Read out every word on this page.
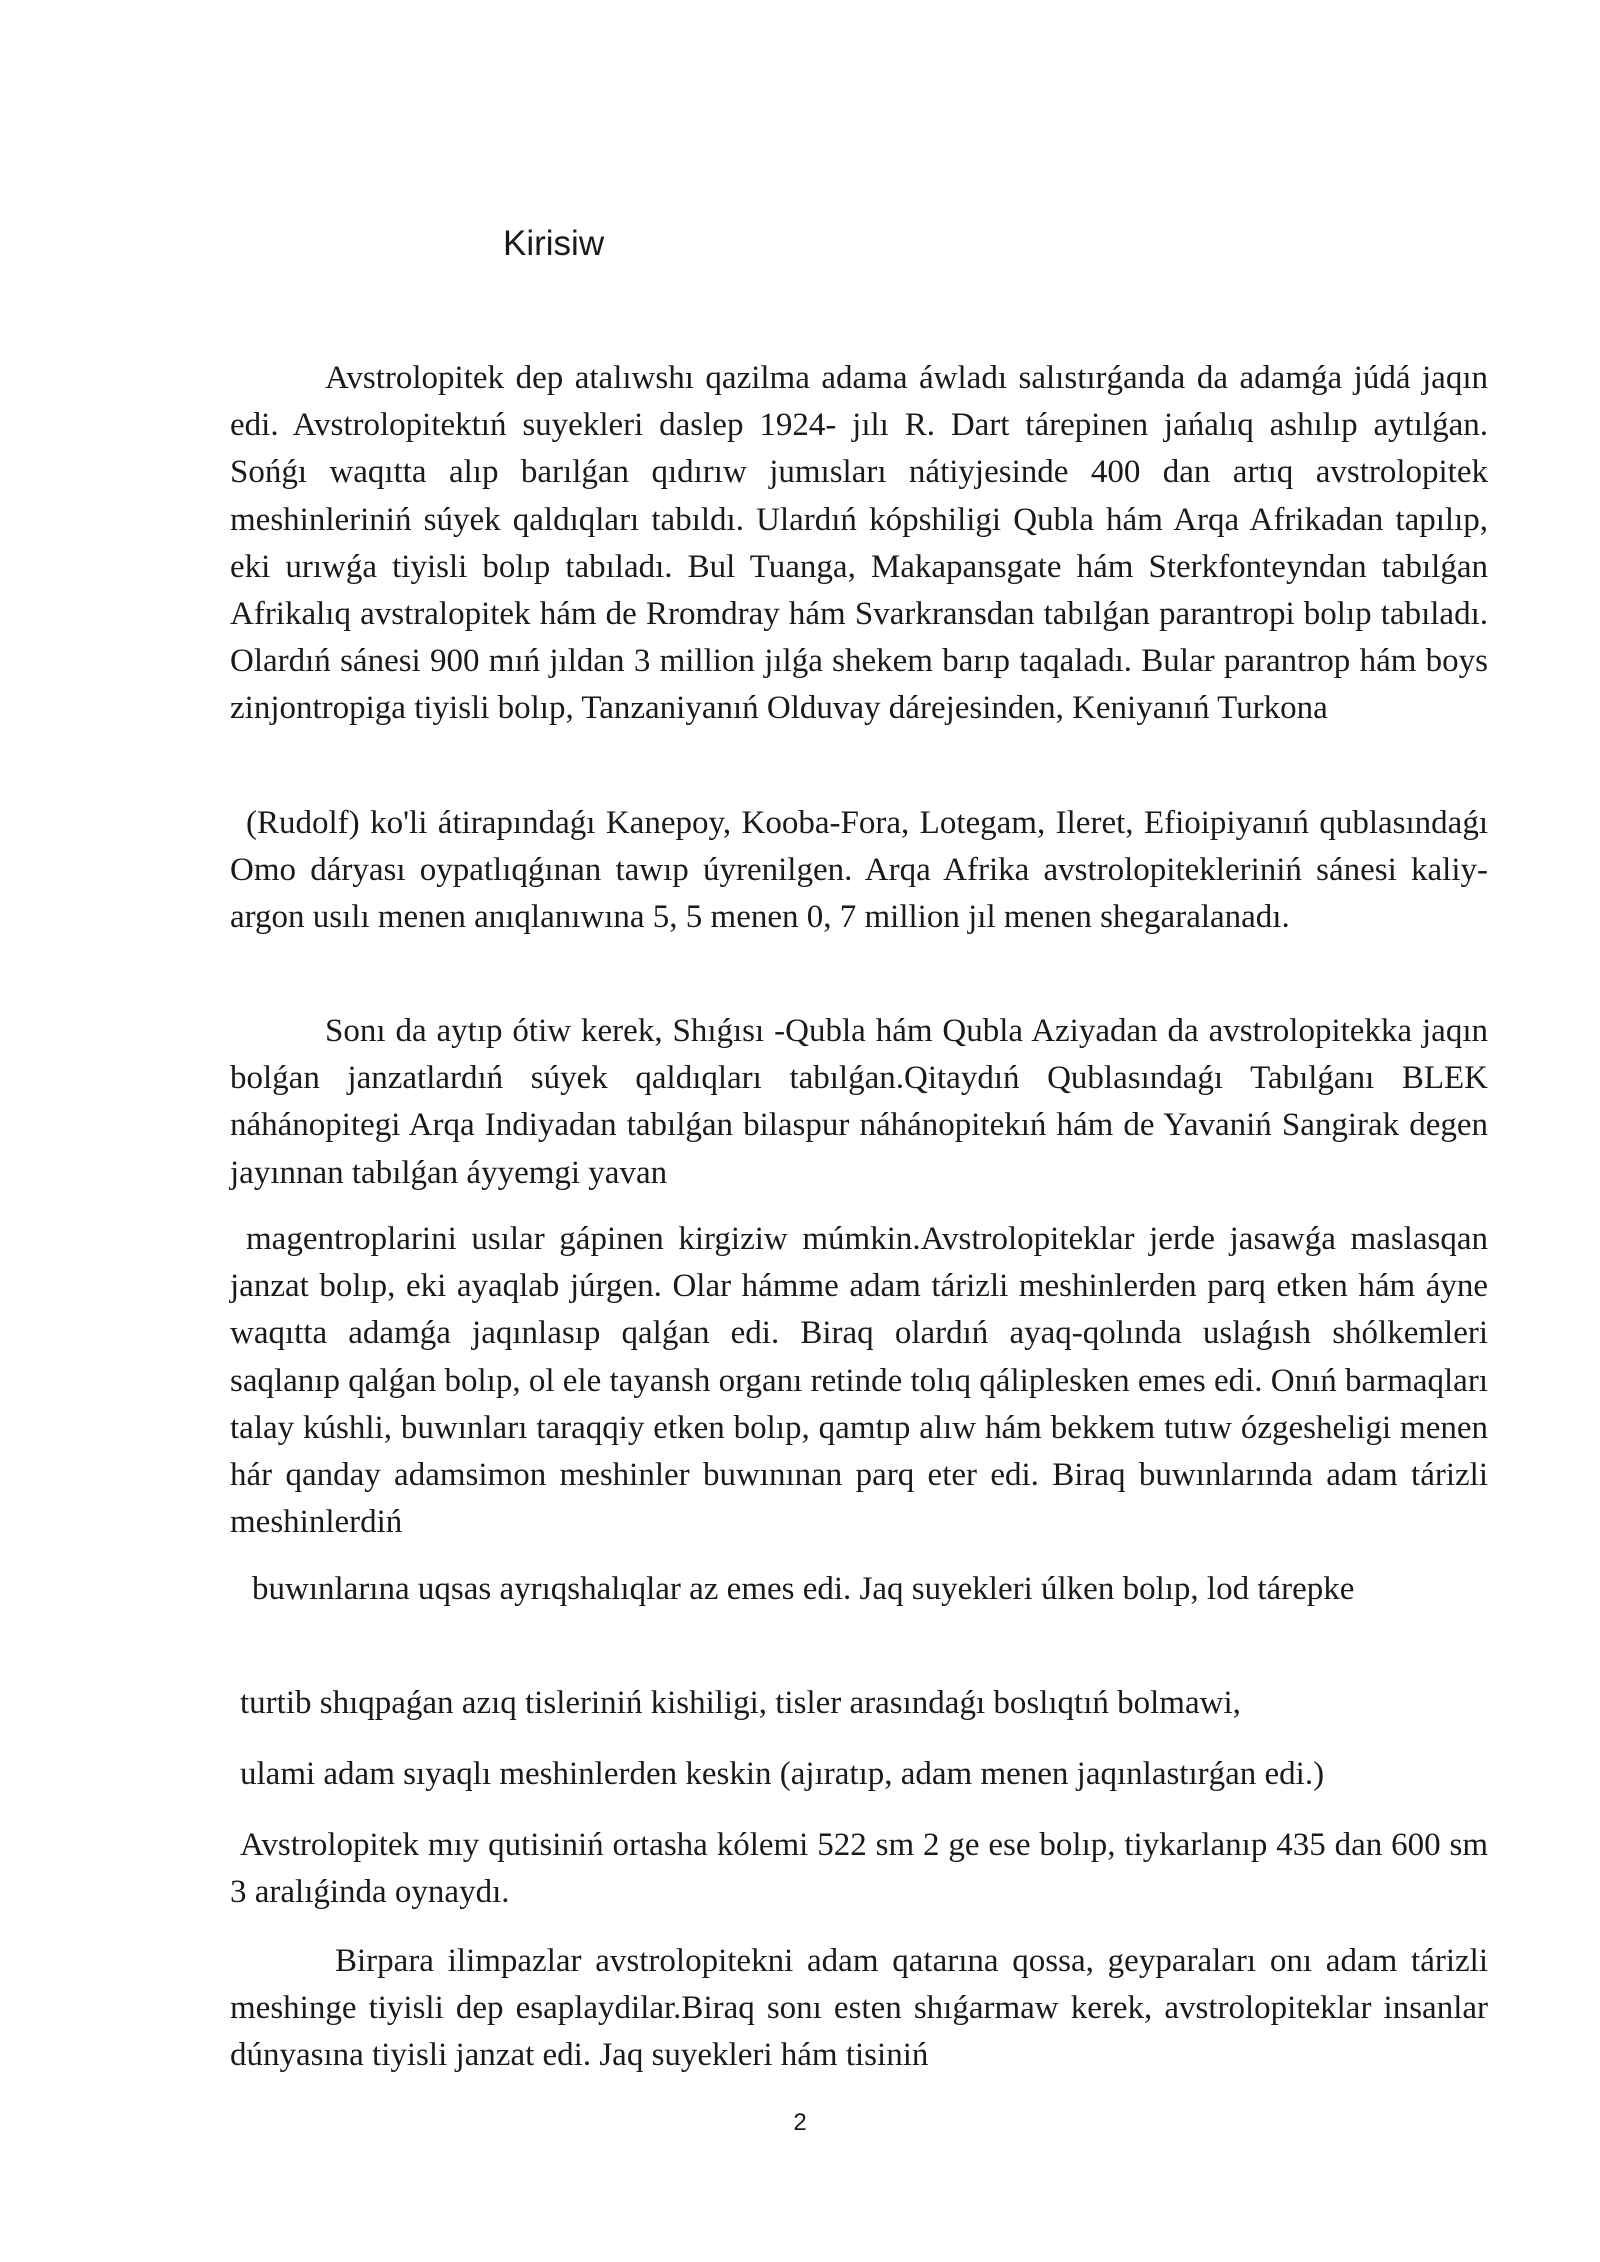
Kirisiw

Avstrolopitek dep atalıwshı qazilma adama áwladı salıstırǵanda da adamǵa júdá jaqın edi. Avstrolopitektıń suyekleri daslep 1924- jılı R. Dart tárepinen jańalıq ashılıp aytılǵan. Sońǵı waqıtta alıp barılǵan qıdırıw jumısları nátiyjesinde 400 dan artıq avstrolopitek meshinleriniń súyek qaldıqları tabıldı. Ulardıń kópshiligi Qubla hám Arqa Afrikadan tapılıp, eki urıwǵa tiyisli bolıp tabıladı. Bul Tuanga, Makapansgate hám Sterkfonteyndan tabılǵan Afrikalıq avstralopitek hám de Rromdray hám Svarkransdan tabılǵan parantropi bolıp tabıladı. Olardıń sánesi 900 mıń jıldan 3 million jılǵa shekem barıp taqaladı. Bular parantrop hám boys zinjontropiga tiyisli bolıp, Tanzaniyanıń Olduvay dárejesinden, Keniyanıń Turkona

(Rudolf) ko'li átirapındaǵı Kanepoy, Kooba-Fora, Lotegam, Ileret, Efioipiyanıń qublasındaǵı Omo dáryası oypatlıqǵınan tawıp úyrenilgen. Arqa Afrika avstrolopitekleriniń sánesi kaliy-argon usılı menen anıqlanıwına 5, 5 menen 0, 7 million jıl menen shegaralanadı.

Sonı da aytıp ótiw kerek, Shıǵısı -Qubla hám Qubla Aziyadan da avstrolopitekka jaqın bolǵan janzatlardıń súyek qaldıqları tabılǵan.Qitaydıń Qublasındaǵı Tabılǵanı BLEK náhánopitegi Arqa Indiyadan tabılǵan bilaspur náhánopitekıń hám de Yavaniń Sangirak degen jayınnan tabılǵan áyyemgi yavan

magentroplarini usılar gápinen kirgiziw múmkin.Avstrolopiteklar jerde jasawǵa maslasqan janzat bolıp, eki ayaqlab júrgen. Olar hámme adam tárizli meshinlerden parq etken hám áyne waqıtta adamǵa jaqınlasıp qalǵan edi. Biraq olardıń ayaq-qolında uslaǵısh shólkemleri saqlanıp qalǵan bolıp, ol ele tayansh organı retinde tolıq qáliplesken emes edi. Onıń barmaqları talay kúshli, buwınları taraqqiy etken bolıp, qamtıp alıw hám bekkem tutıw ózgesheligi menen hár qanday adamsimon meshinler buwınınan parq eter edi. Biraq buwınlarında adam tárizli meshinlerdiń

buwınlarına uqsas ayrıqshalıqlar az emes edi. Jaq suyekleri úlken bolıp, lod tárepke

turtib shıqpaǵan azıq tisleriniń kishiligi, tisler arasındaǵı boslıqtıń bolmawi,

ulami adam sıyaqlı meshinlerden keskin (ajıratıp, adam menen jaqınlastırǵan edi.)

Avstrolopitek mıy qutisiniń ortasha kólemi 522 sm 2 ge ese bolıp, tiykarlanıp 435 dan 600 sm 3 aralıǵinda oynaydı.

Birpara ilimpazlar avstrolopitekni adam qatarına qossa, geyparaları onı adam tárizli meshinge tiyisli dep esaplaydilar.Biraq sonı esten shıǵarmaw kerek, avstrolopiteklar insanlar dúnyasına tiyisli janzat edi. Jaq suyekleri hám tisiniń

2
